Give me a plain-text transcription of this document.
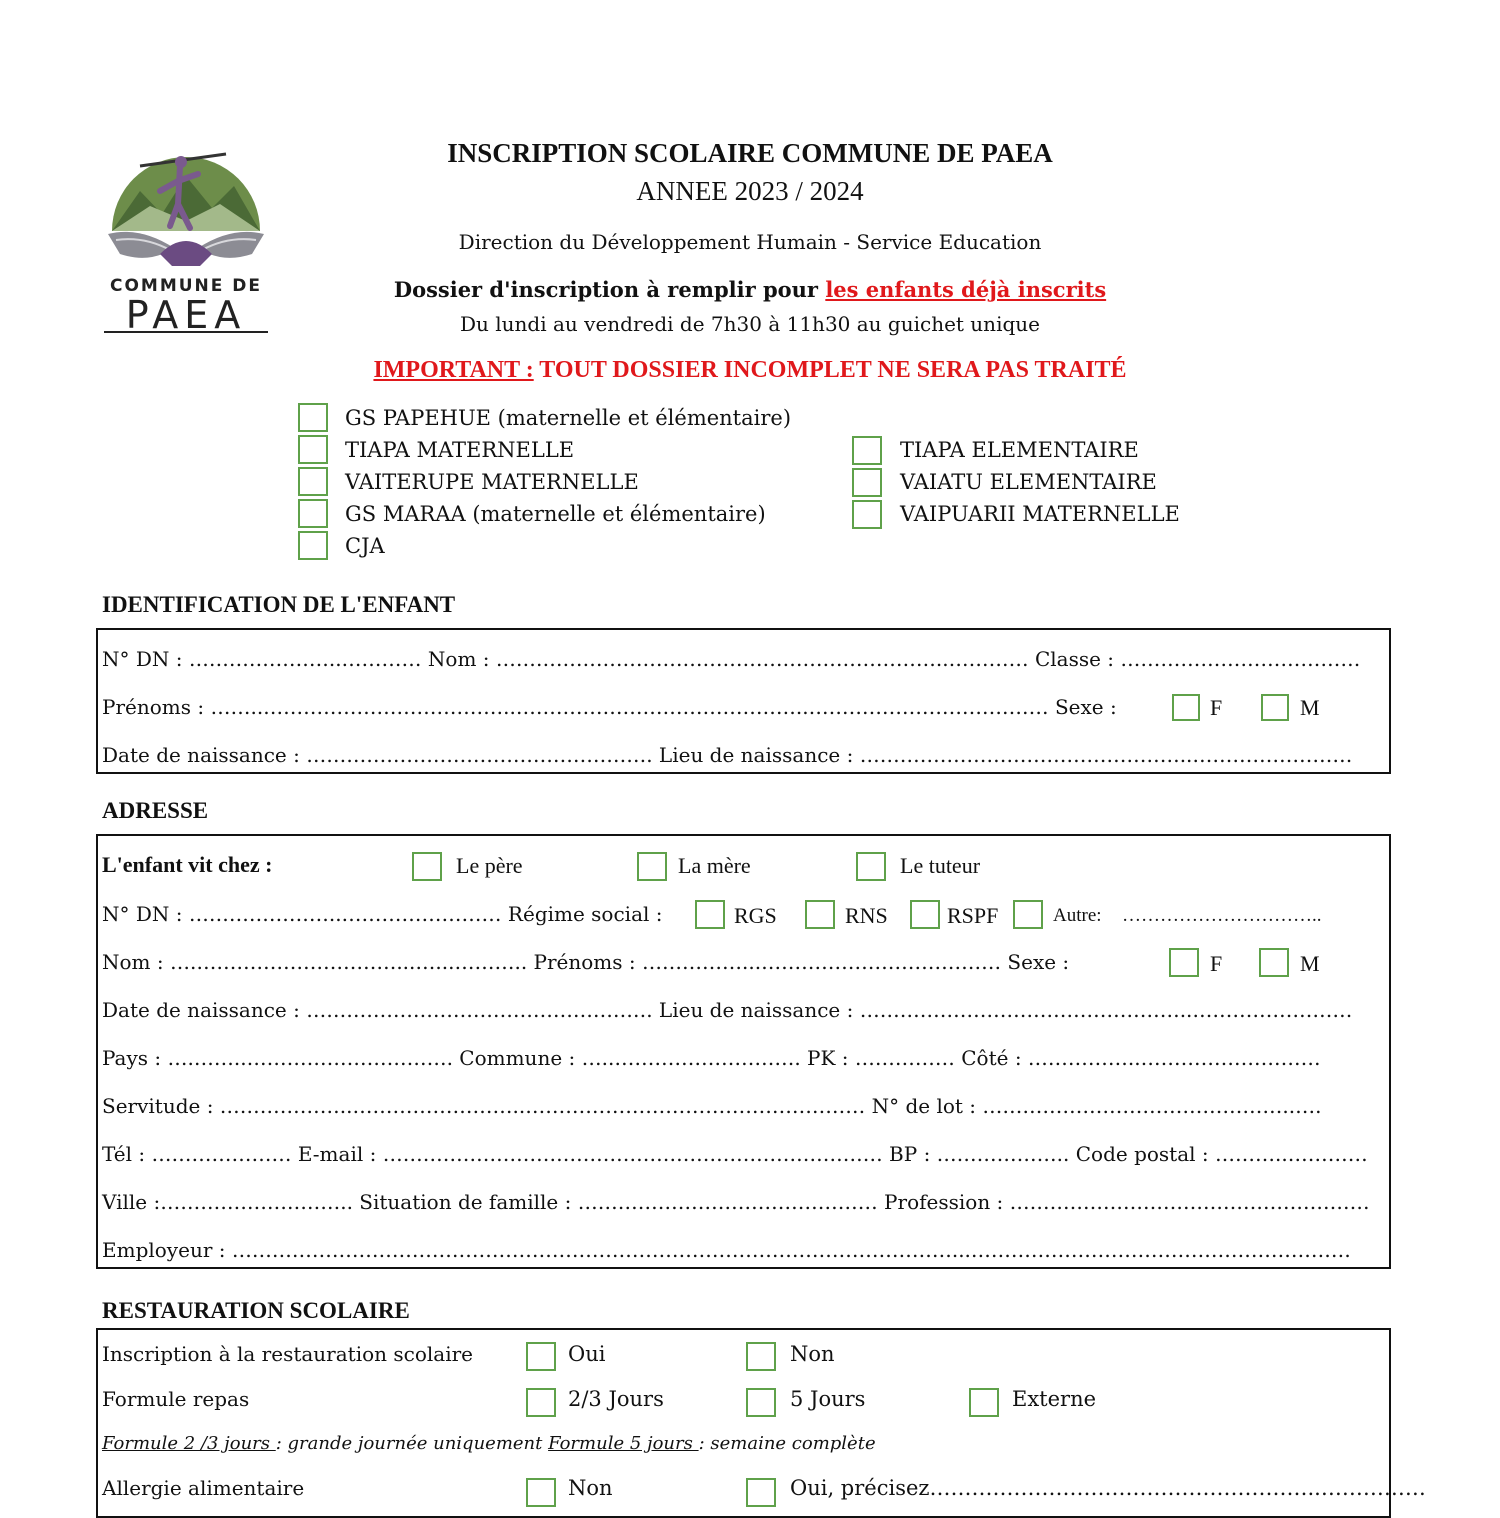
COMMUNE DE
PAEA
INSCRIPTION SCOLAIRE COMMUNE DE PAEA
ANNEE 2023 / 2024
Direction du Développement Humain - Service Education
Dossier d'inscription à remplir pour les enfants déjà inscrits
Du lundi au vendredi de 7h30 à 11h30 au guichet unique
IMPORTANT : TOUT DOSSIER INCOMPLET NE SERA PAS TRAITÉ
GS PAPEHUE (maternelle et élémentaire)
TIAPA MATERNELLE
VAITERUPE MATERNELLE
GS MARAA (maternelle et élémentaire)
CJA
TIAPA ELEMENTAIRE
VAIATU ELEMENTAIRE
VAIPUARII MATERNELLE
IDENTIFICATION DE L'ENFANT
N° DN : …………………..………… Nom : …………………………………………………………..………… Classe : ………………………………
Prénoms : ……..………………………………..……………………………………..……………………………… Sexe :	F	M
Date de naissance : ……………………………………………. Lieu de naissance : …………………………………………..……………………
ADRESSE
L'enfant vit chez :	Le père	La mère	Le tuteur
N° DN : …………………..…………………… Régime social :	RGS	RNS	RSPF	Autre: …………………………..
Nom : ….…………………………...…...……….. Prénoms : ……………...……………………………… Sexe :	F	M
Date de naissance : ……………………………………………. Lieu de naissance : …………………………………………..……………………
Pays : ….……..…………………………. Commune : …..………………………. PK : …………… Côté : ……………..………………………
Servitude : ………………..……………………..…………………………………………… N° de lot : ………………………………………..….
Tél : ………………… E-mail : ………………………………………………………………… BP : ……………….. Code postal : ………..…………
Ville :……………………….. Situation de famille : ……………………………………… Profession : ………………………………………………
Employeur : ………………………………………………………………………………………………...…………………………………………………
RESTAURATION SCOLAIRE
Inscription à la restauration scolaire	Oui	Non
Formule repas	2/3 Jours	5 Jours	Externe
Formule 2 /3 jours : grande journée uniquement Formule 5 jours : semaine complète
Allergie alimentaire	Non	Oui, précisez………………………………………………..……………
